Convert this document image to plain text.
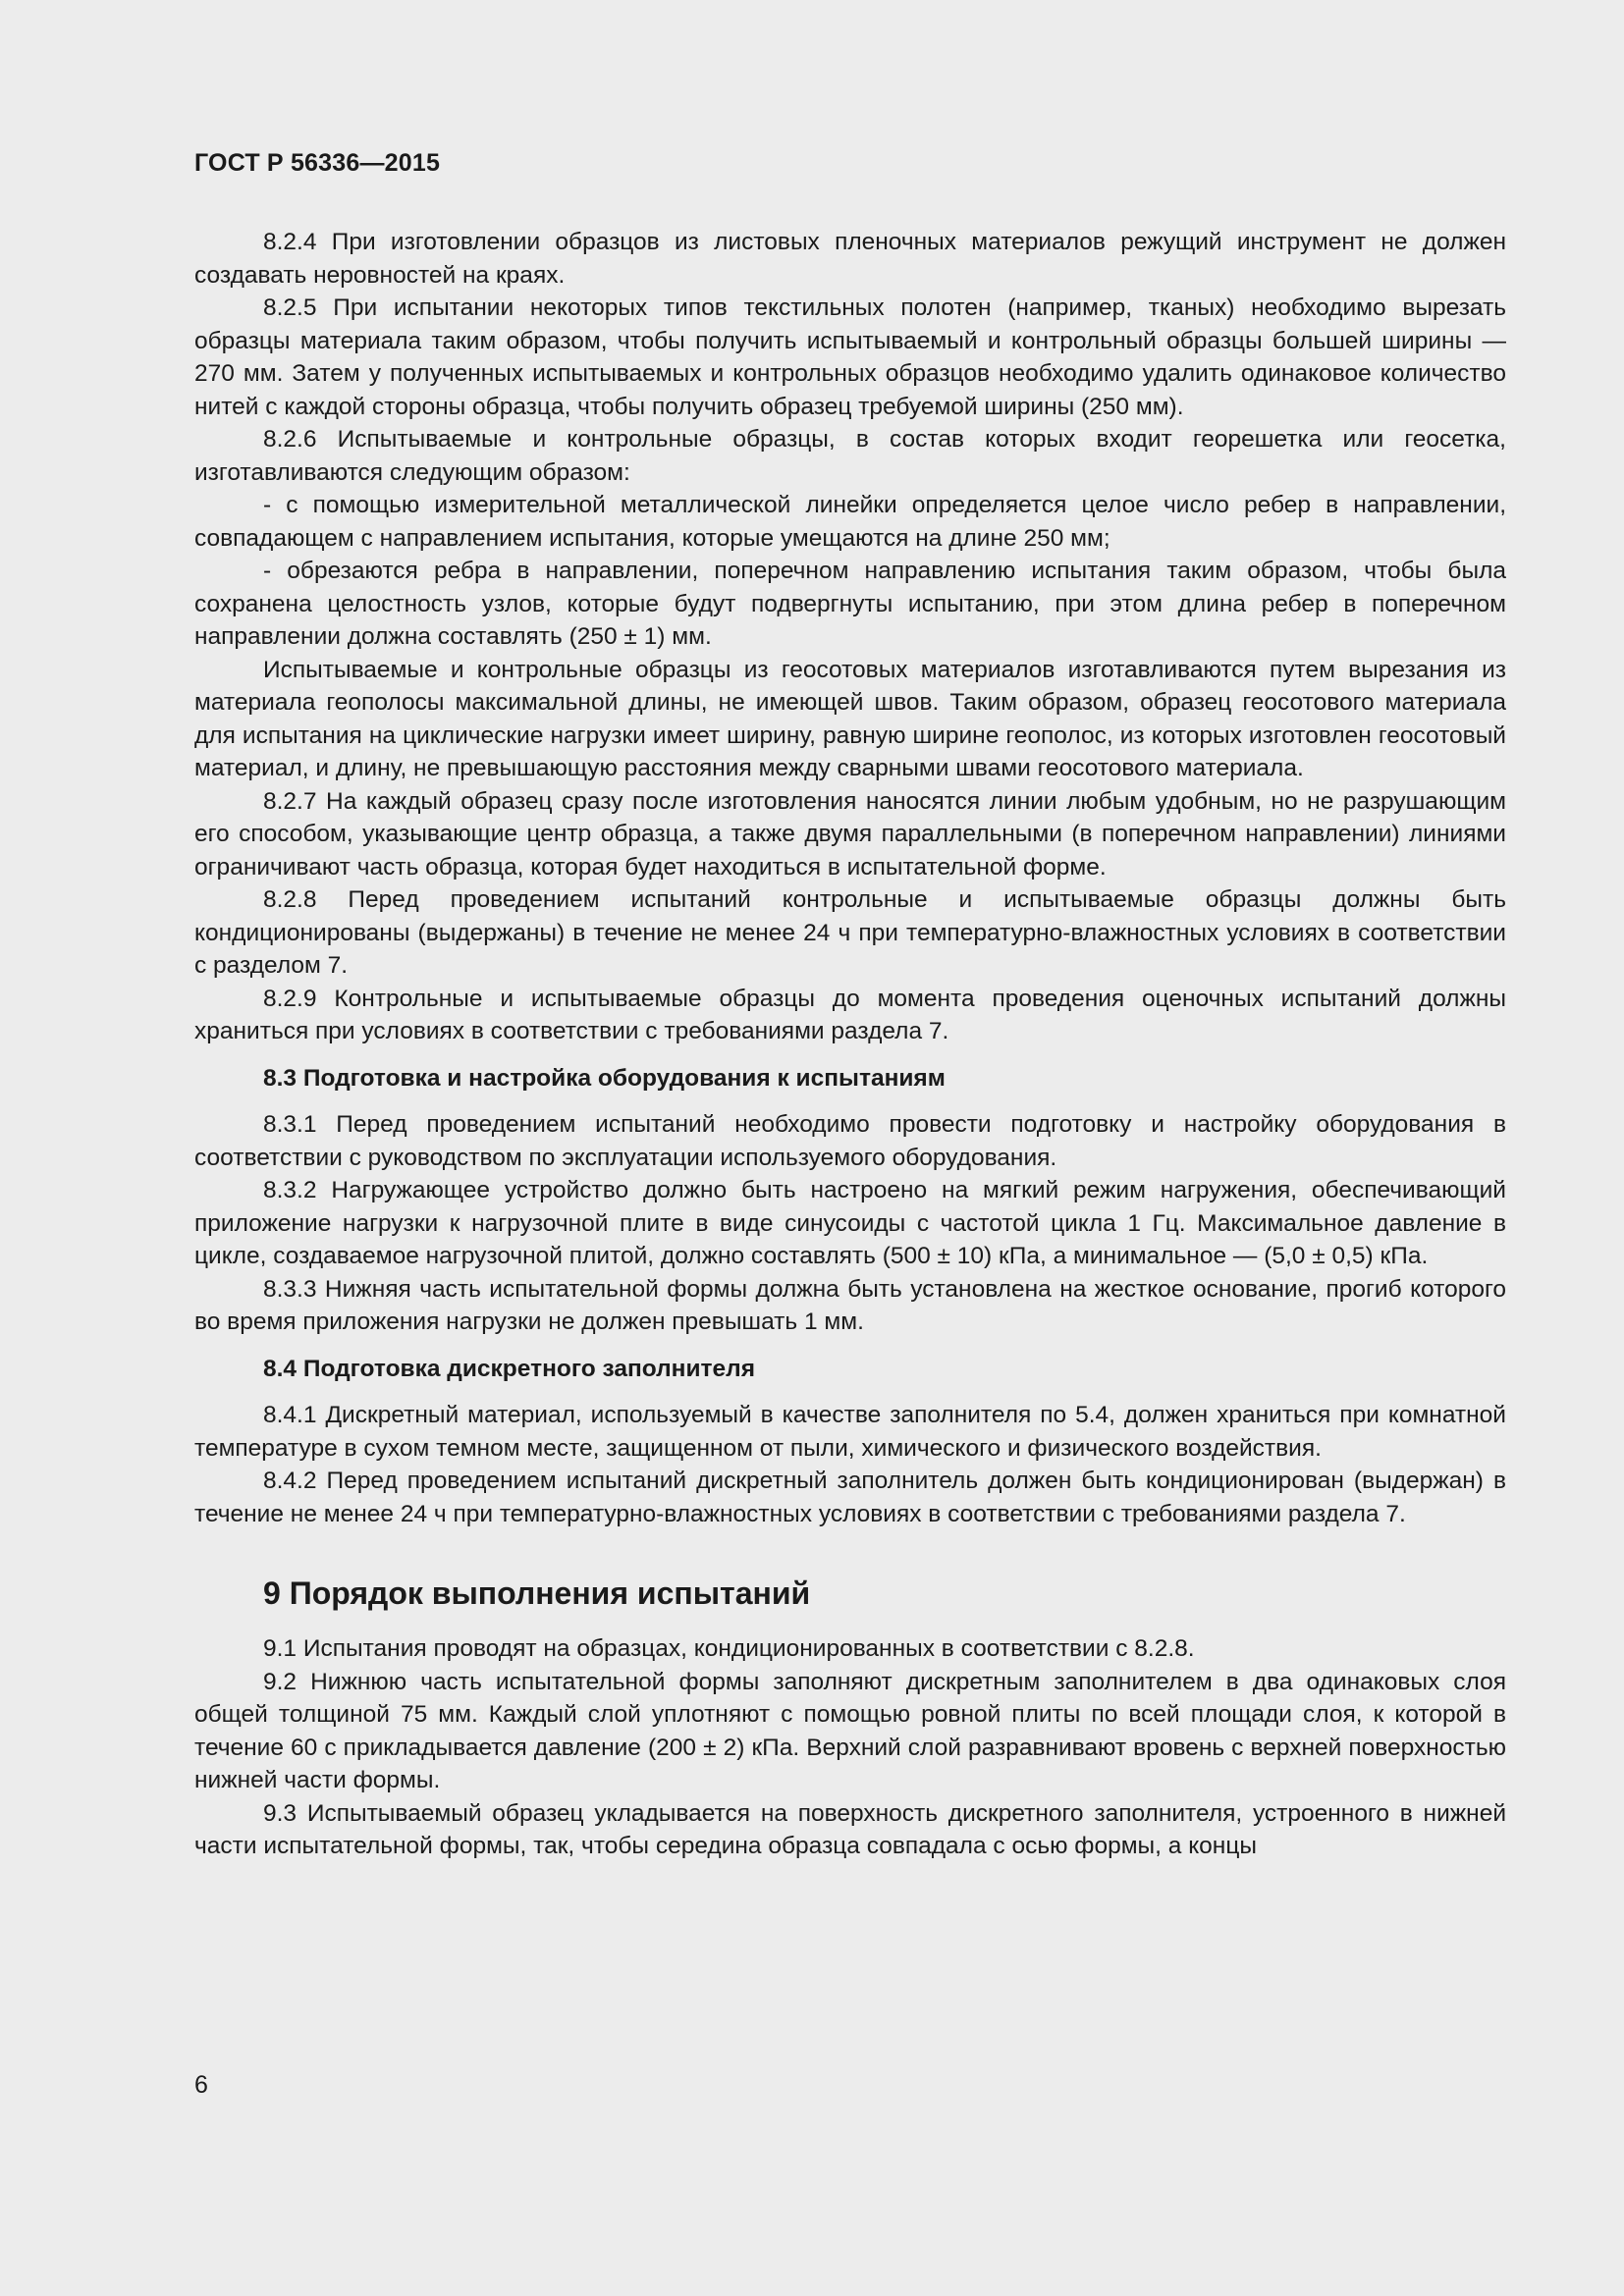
ГОСТ Р 56336—2015

8.2.4 При изготовлении образцов из листовых пленочных материалов режущий инструмент не должен создавать неровностей на краях.

8.2.5 При испытании некоторых типов текстильных полотен (например, тканых) необходимо вырезать образцы материала таким образом, чтобы получить испытываемый и контрольный образцы большей ширины — 270 мм. Затем у полученных испытываемых и контрольных образцов необходимо удалить одинаковое количество нитей с каждой стороны образца, чтобы получить образец требуемой ширины (250 мм).

8.2.6 Испытываемые и контрольные образцы, в состав которых входит георешетка или геосетка, изготавливаются следующим образом:

- с помощью измерительной металлической линейки определяется целое число ребер в направлении, совпадающем с направлением испытания, которые умещаются на длине 250 мм;

- обрезаются ребра в направлении, поперечном направлению испытания таким образом, чтобы была сохранена целостность узлов, которые будут подвергнуты испытанию, при этом длина ребер в поперечном направлении должна составлять (250 ± 1) мм.

Испытываемые и контрольные образцы из геосотовых материалов изготавливаются путем вырезания из материала геополосы максимальной длины, не имеющей швов. Таким образом, образец геосотового материала для испытания на циклические нагрузки имеет ширину, равную ширине геополос, из которых изготовлен геосотовый материал, и длину, не превышающую расстояния между сварными швами геосотового материала.

8.2.7 На каждый образец сразу после изготовления наносятся линии любым удобным, но не разрушающим его способом, указывающие центр образца, а также двумя параллельными (в поперечном направлении) линиями ограничивают часть образца, которая будет находиться в испытательной форме.

8.2.8 Перед проведением испытаний контрольные и испытываемые образцы должны быть кондиционированы (выдержаны) в течение не менее 24 ч при температурно-влажностных условиях в соответствии с разделом 7.

8.2.9 Контрольные и испытываемые образцы до момента проведения оценочных испытаний должны храниться при условиях в соответствии с требованиями раздела 7.

8.3 Подготовка и настройка оборудования к испытаниям

8.3.1 Перед проведением испытаний необходимо провести подготовку и настройку оборудования в соответствии с руководством по эксплуатации используемого оборудования.

8.3.2 Нагружающее устройство должно быть настроено на мягкий режим нагружения, обеспечивающий приложение нагрузки к нагрузочной плите в виде синусоиды с частотой цикла 1 Гц. Максимальное давление в цикле, создаваемое нагрузочной плитой, должно составлять (500 ± 10) кПа, а минимальное — (5,0 ± 0,5) кПа.

8.3.3 Нижняя часть испытательной формы должна быть установлена на жесткое основание, прогиб которого во время приложения нагрузки не должен превышать 1 мм.

8.4 Подготовка дискретного заполнителя

8.4.1 Дискретный материал, используемый в качестве заполнителя по 5.4, должен храниться при комнатной температуре в сухом темном месте, защищенном от пыли, химического и физического воздействия.

8.4.2 Перед проведением испытаний дискретный заполнитель должен быть кондиционирован (выдержан) в течение не менее 24 ч при температурно-влажностных условиях в соответствии с требованиями раздела 7.

9 Порядок выполнения испытаний

9.1 Испытания проводят на образцах, кондиционированных в соответствии с 8.2.8.

9.2 Нижнюю часть испытательной формы заполняют дискретным заполнителем в два одинаковых слоя общей толщиной 75 мм. Каждый слой уплотняют с помощью ровной плиты по всей площади слоя, к которой в течение 60 с прикладывается давление (200 ± 2) кПа. Верхний слой разравнивают вровень с верхней поверхностью нижней части формы.

9.3 Испытываемый образец укладывается на поверхность дискретного заполнителя, устроенного в нижней части испытательной формы, так, чтобы середина образца совпадала с осью формы, а концы

6
